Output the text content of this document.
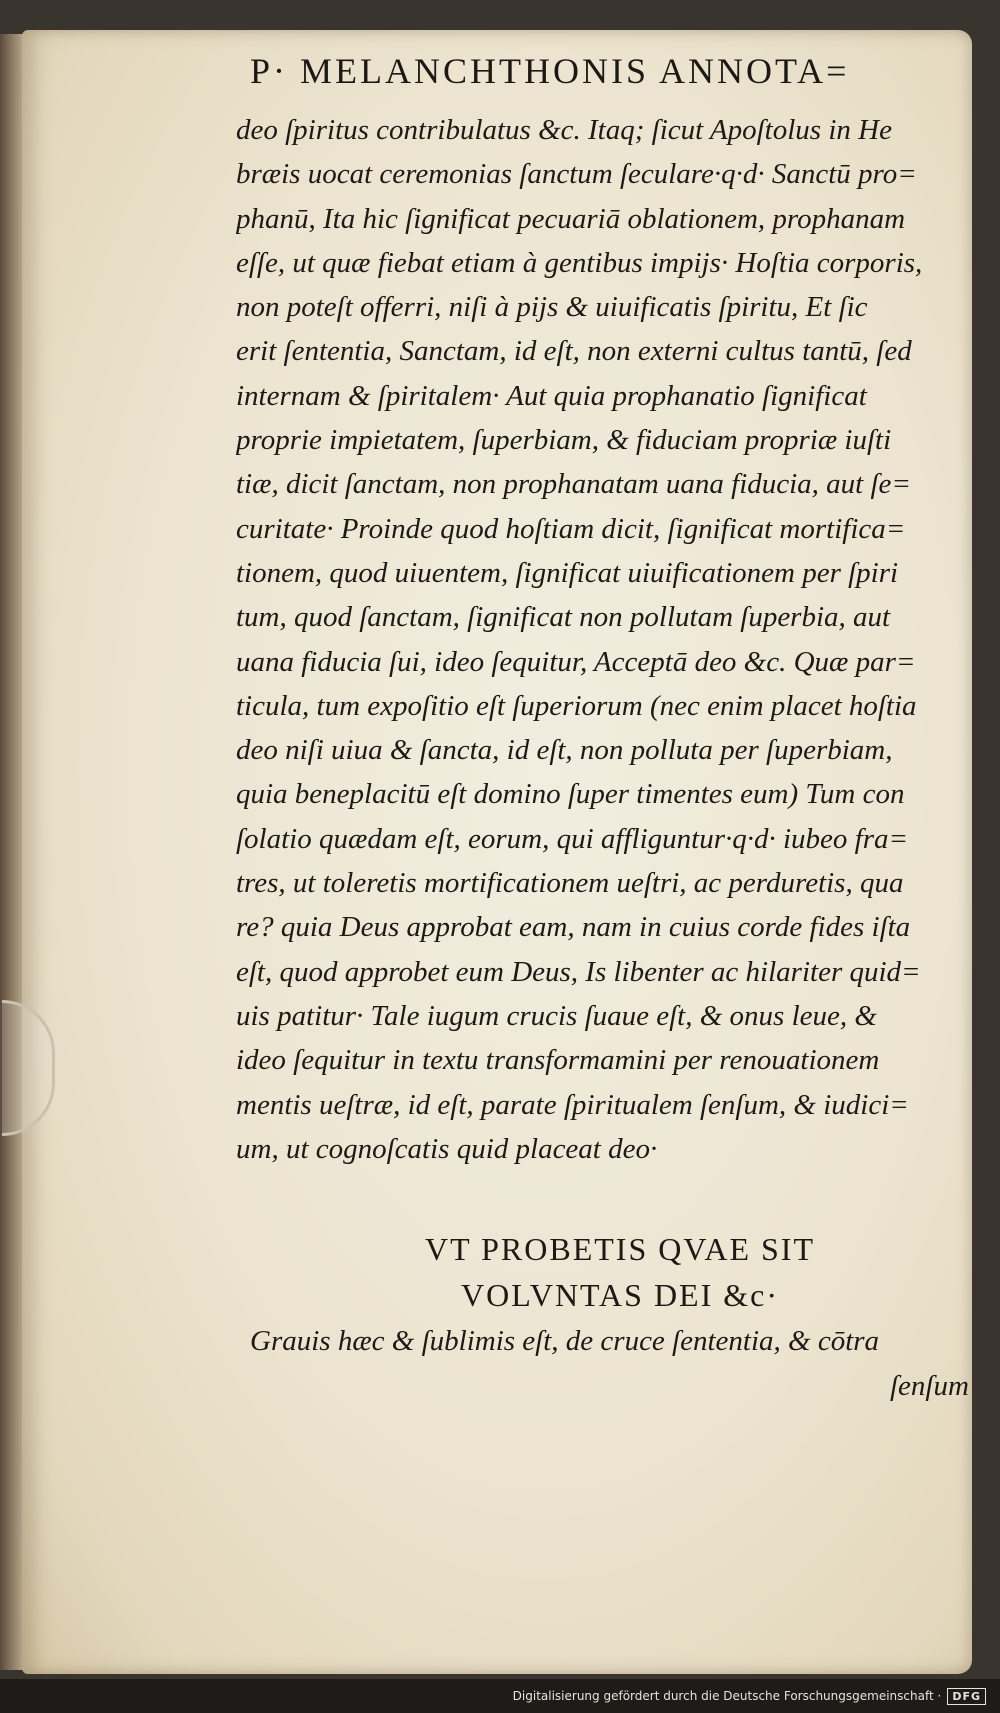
P· MELANCHTHONIS ANNOTA=
deo ſpiritus contribulatus &c. Itaq; ſicut Apoſtolus in He
bræis uocat ceremonias ſanctum ſeculare·q·d· Sanctū pro=
phanū, Ita hic ſignificat pecuariā oblationem, prophanam
eſſe, ut quæ fiebat etiam à gentibus impijs· Hoſtia corporis,
non poteſt offerri, niſi à pijs & uiuificatis ſpiritu, Et ſic
erit ſententia, Sanctam, id eſt, non externi cultus tantū, ſed
internam & ſpiritalem· Aut quia prophanatio ſignificat
proprie impietatem, ſuperbiam, & fiduciam propriæ iuſti
tiæ, dicit ſanctam, non prophanatam uana fiducia, aut ſe=
curitate· Proinde quod hoſtiam dicit, ſignificat mortifica=
tionem, quod uiuentem, ſignificat uiuificationem per ſpiri
tum, quod ſanctam, ſignificat non pollutam ſuperbia, aut
uana fiducia ſui, ideo ſequitur, Acceptā deo &c. Quæ par=
ticula, tum expoſitio eſt ſuperiorum (nec enim placet hoſtia
deo niſi uiua & ſancta, id eſt, non polluta per ſuperbiam,
quia beneplacitū eſt domino ſuper timentes eum) Tum con
ſolatio quædam eſt, eorum, qui affliguntur·q·d· iubeo fra=
tres, ut toleretis mortificationem ueſtri, ac perduretis, qua
re? quia Deus approbat eam, nam in cuius corde fides iſta
eſt, quod approbet eum Deus, Is libenter ac hilariter quid=
uis patitur· Tale iugum crucis ſuaue eſt, & onus leue, &
ideo ſequitur in textu transformamini per renouationem
mentis ueſtræ, id eſt, parate ſpiritualem ſenſum, & iudici=
um, ut cognoſcatis quid placeat deo·
VT PROBETIS QVAE SIT
VOLVNTAS DEI &c·
Grauis hæc & ſublimis eſt, de cruce ſententia, & cōtra
ſenſum
Digitalisierung gefördert durch die Deutsche Forschungsgemeinschaft ·	DFG
